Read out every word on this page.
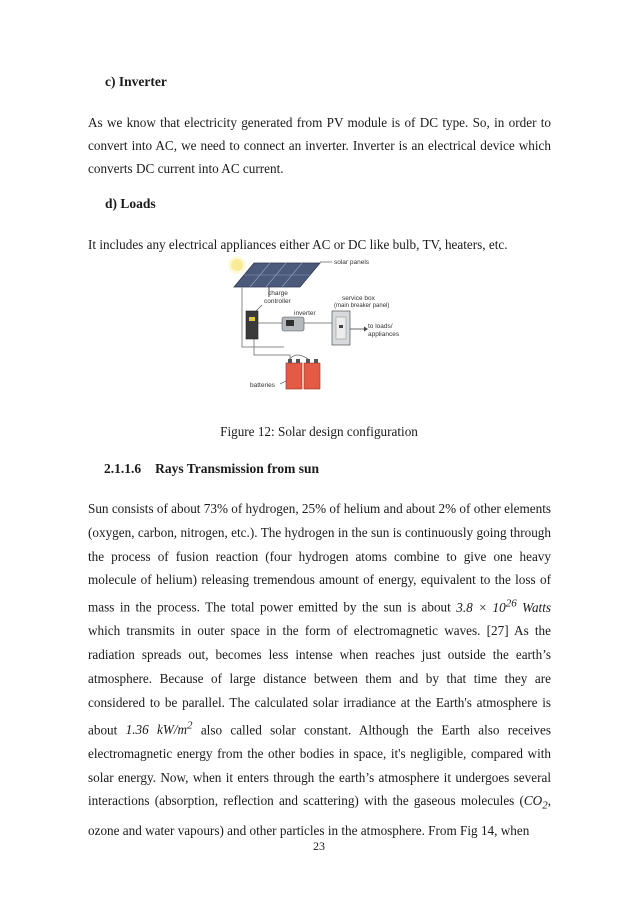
c) Inverter
As we know that electricity generated from PV module is of DC type. So, in order to convert into AC, we need to connect an inverter. Inverter is an electrical device which converts DC current into AC current.
d) Loads
It includes any electrical appliances either AC or DC like bulb, TV, heaters, etc.
solar panels
charge
controller
inverter
service box
(main breaker panel)
to loads/
appliances
batteries
Figure 12: Solar design configuration
2.1.1.6 Rays Transmission from sun
Sun consists of about 73% of hydrogen, 25% of helium and about 2% of other elements (oxygen, carbon, nitrogen, etc.). The hydrogen in the sun is continuously going through the process of fusion reaction (four hydrogen atoms combine to give one heavy molecule of helium) releasing tremendous amount of energy, equivalent to the loss of mass in the process. The total power emitted by the sun is about $3.8 \times 10^{26}$ Watts which transmits in outer space in the form of electromagnetic waves. [27] As the radiation spreads out, becomes less intense when reaches just outside the earth’s atmosphere. Because of large distance between them and by that time they are considered to be parallel. The calculated solar irradiance at the Earth's atmosphere is about 1.36 $kW/m^2$ also called solar constant. Although the Earth also receives electromagnetic energy from the other bodies in space, it's negligible, compared with solar energy. Now, when it enters through the earth’s atmosphere it undergoes several interactions (absorption, reflection and scattering) with the gaseous molecules ($CO_2$, ozone and water vapours) and other particles in the atmosphere. From Fig 14, when
23
